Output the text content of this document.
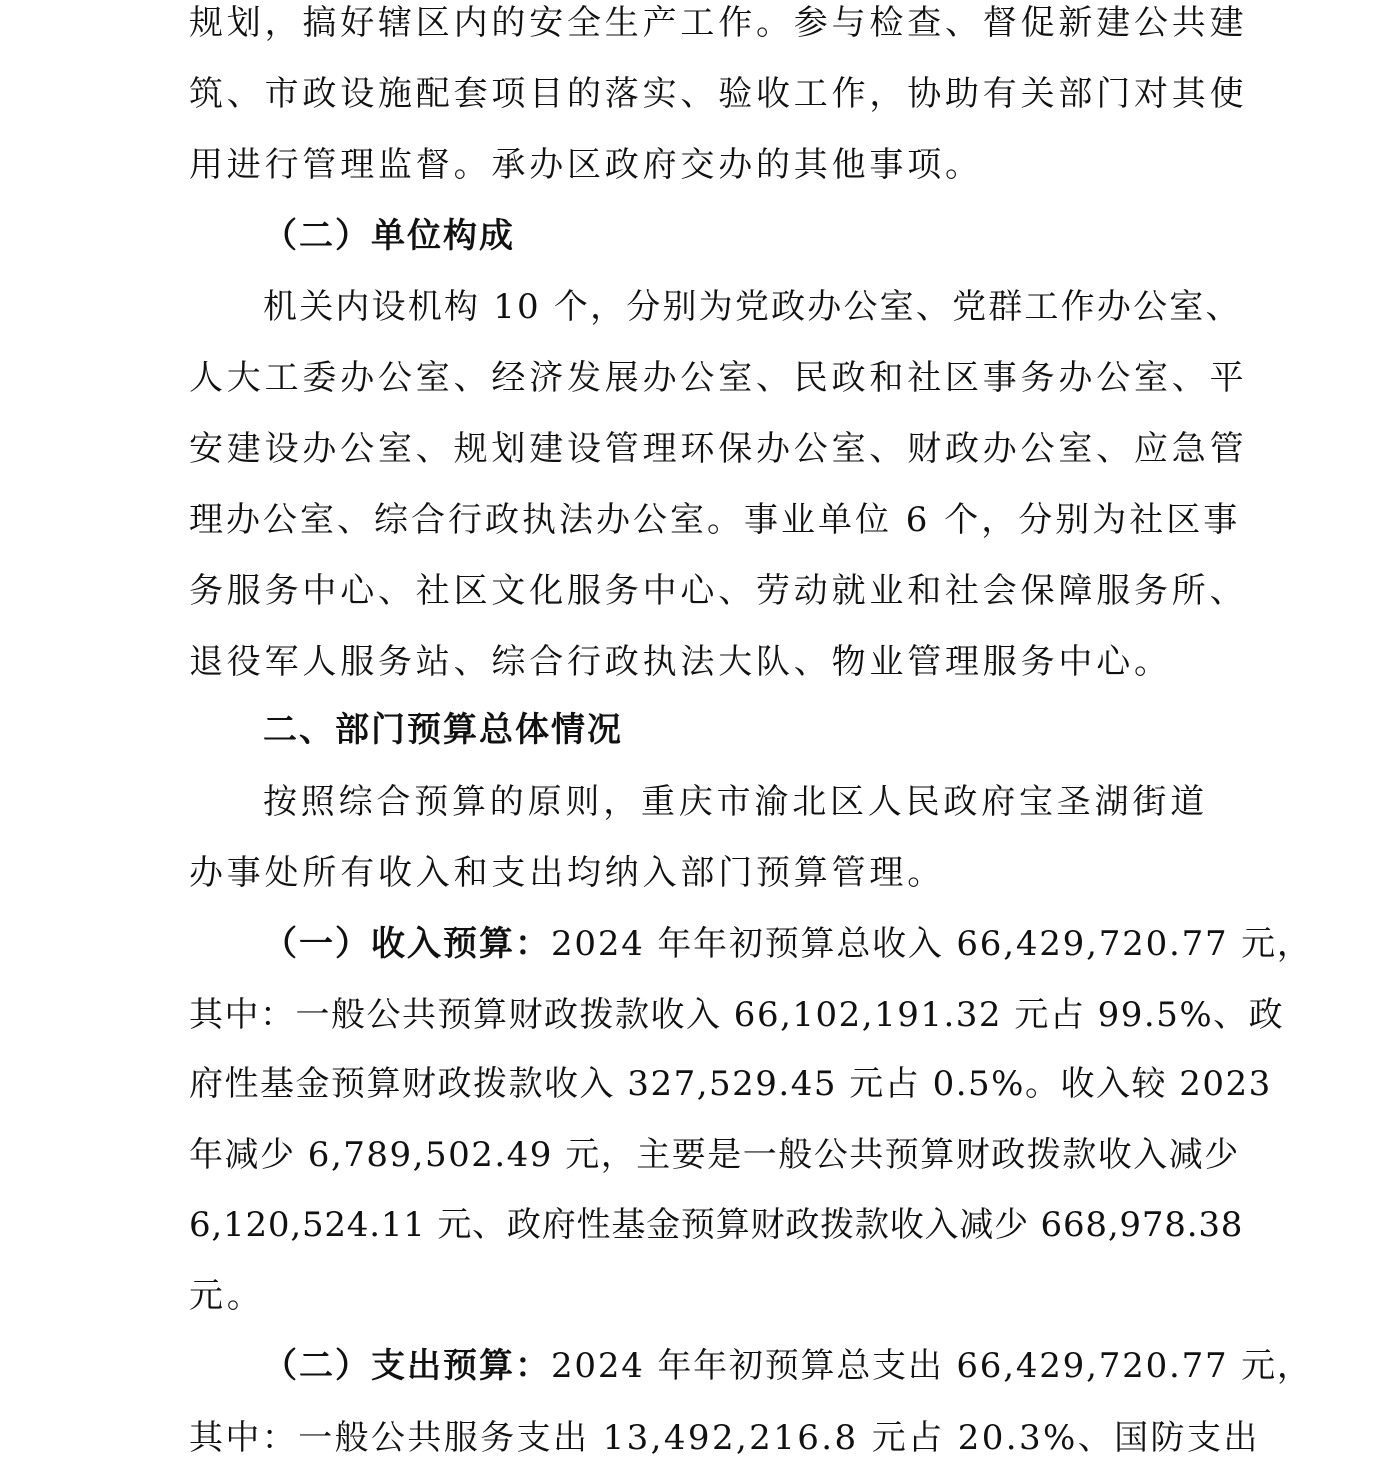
规划，搞好辖区内的安全生产工作。参与检查、督促新建公共建
筑、市政设施配套项目的落实、验收工作，协助有关部门对其使
用进行管理监督。承办区政府交办的其他事项。
（二）单位构成
机关内设机构 10 个，分别为党政办公室、党群工作办公室、
人大工委办公室、经济发展办公室、民政和社区事务办公室、平
安建设办公室、规划建设管理环保办公室、财政办公室、应急管
理办公室、综合行政执法办公室。事业单位 6 个，分别为社区事
务服务中心、社区文化服务中心、劳动就业和社会保障服务所、
退役军人服务站、综合行政执法大队、物业管理服务中心。
二、部门预算总体情况
按照综合预算的原则，重庆市渝北区人民政府宝圣湖街道
办事处所有收入和支出均纳入部门预算管理。
（一）收入预算：2024 年年初预算总收入 66,429,720.77 元，
其中：一般公共预算财政拨款收入 66,102,191.32 元占 99.5%、政
府性基金预算财政拨款收入 327,529.45 元占 0.5%。收入较 2023
年减少 6,789,502.49 元，主要是一般公共预算财政拨款收入减少
6,120,524.11 元、政府性基金预算财政拨款收入减少 668,978.38
元。
（二）支出预算：2024 年年初预算总支出 66,429,720.77 元，
其中：一般公共服务支出 13,492,216.8 元占 20.3%、国防支出
